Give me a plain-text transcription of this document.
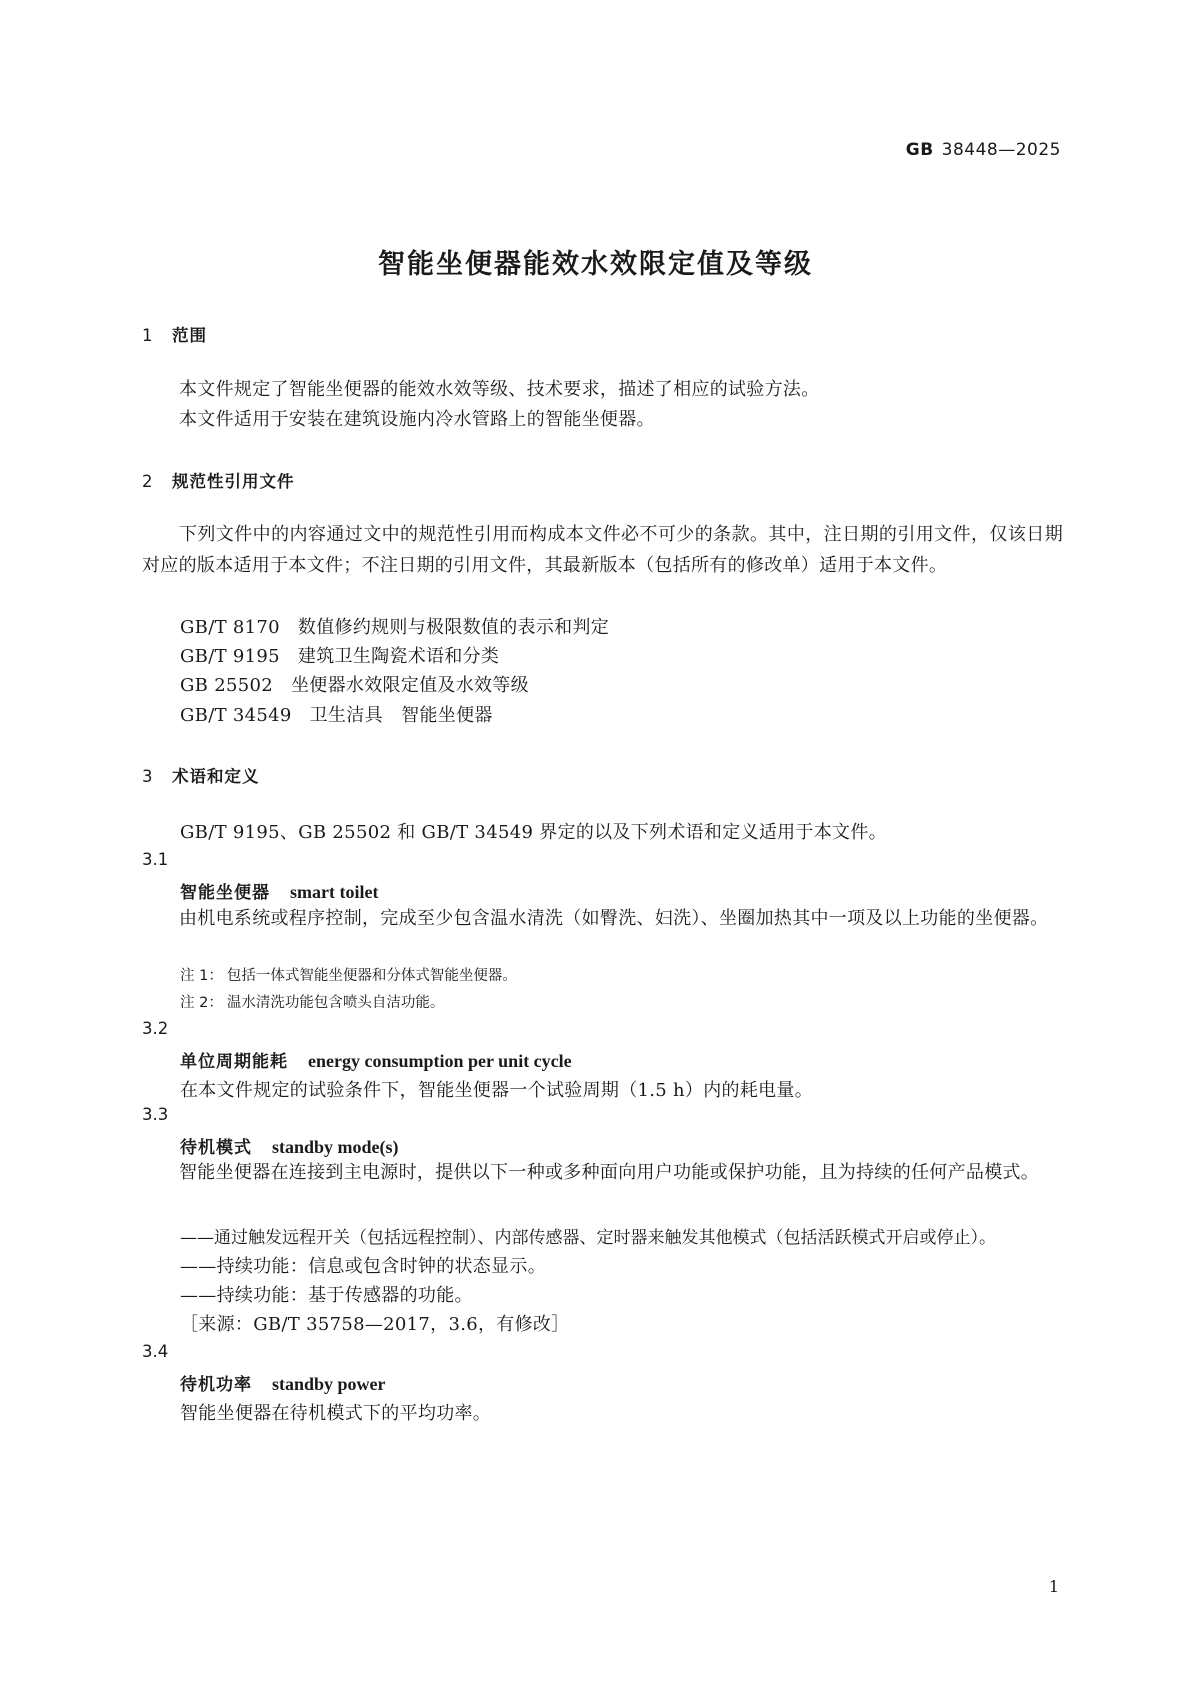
GB 38448—2025
智能坐便器能效水效限定值及等级
1 范围
本文件规定了智能坐便器的能效水效等级、技术要求，描述了相应的试验方法。
本文件适用于安装在建筑设施内冷水管路上的智能坐便器。
2 规范性引用文件
下列文件中的内容通过文中的规范性引用而构成本文件必不可少的条款。其中，注日期的引用文件，仅该日期对应的版本适用于本文件；不注日期的引用文件，其最新版本（包括所有的修改单）适用于本文件。
GB/T 8170 数值修约规则与极限数值的表示和判定
GB/T 9195 建筑卫生陶瓷术语和分类
GB 25502 坐便器水效限定值及水效等级
GB/T 34549 卫生洁具　智能坐便器
3 术语和定义
GB/T 9195、GB 25502 和 GB/T 34549 界定的以及下列术语和定义适用于本文件。
3.1
智能坐便器 smart toilet
由机电系统或程序控制，完成至少包含温水清洗（如臀洗、妇洗）、坐圈加热其中一项及以上功能的坐便器。
注 1： 包括一体式智能坐便器和分体式智能坐便器。
注 2： 温水清洗功能包含喷头自洁功能。
3.2
单位周期能耗 energy consumption per unit cycle
在本文件规定的试验条件下，智能坐便器一个试验周期（1.5 h）内的耗电量。
3.3
待机模式 standby mode(s)
智能坐便器在连接到主电源时，提供以下一种或多种面向用户功能或保护功能，且为持续的任何产品模式。
——通过触发远程开关（包括远程控制）、内部传感器、定时器来触发其他模式（包括活跃模式开启或停止）。
——持续功能：信息或包含时钟的状态显示。
——持续功能：基于传感器的功能。
［来源：GB/T 35758—2017，3.6，有修改］
3.4
待机功率 standby power
智能坐便器在待机模式下的平均功率。
1
